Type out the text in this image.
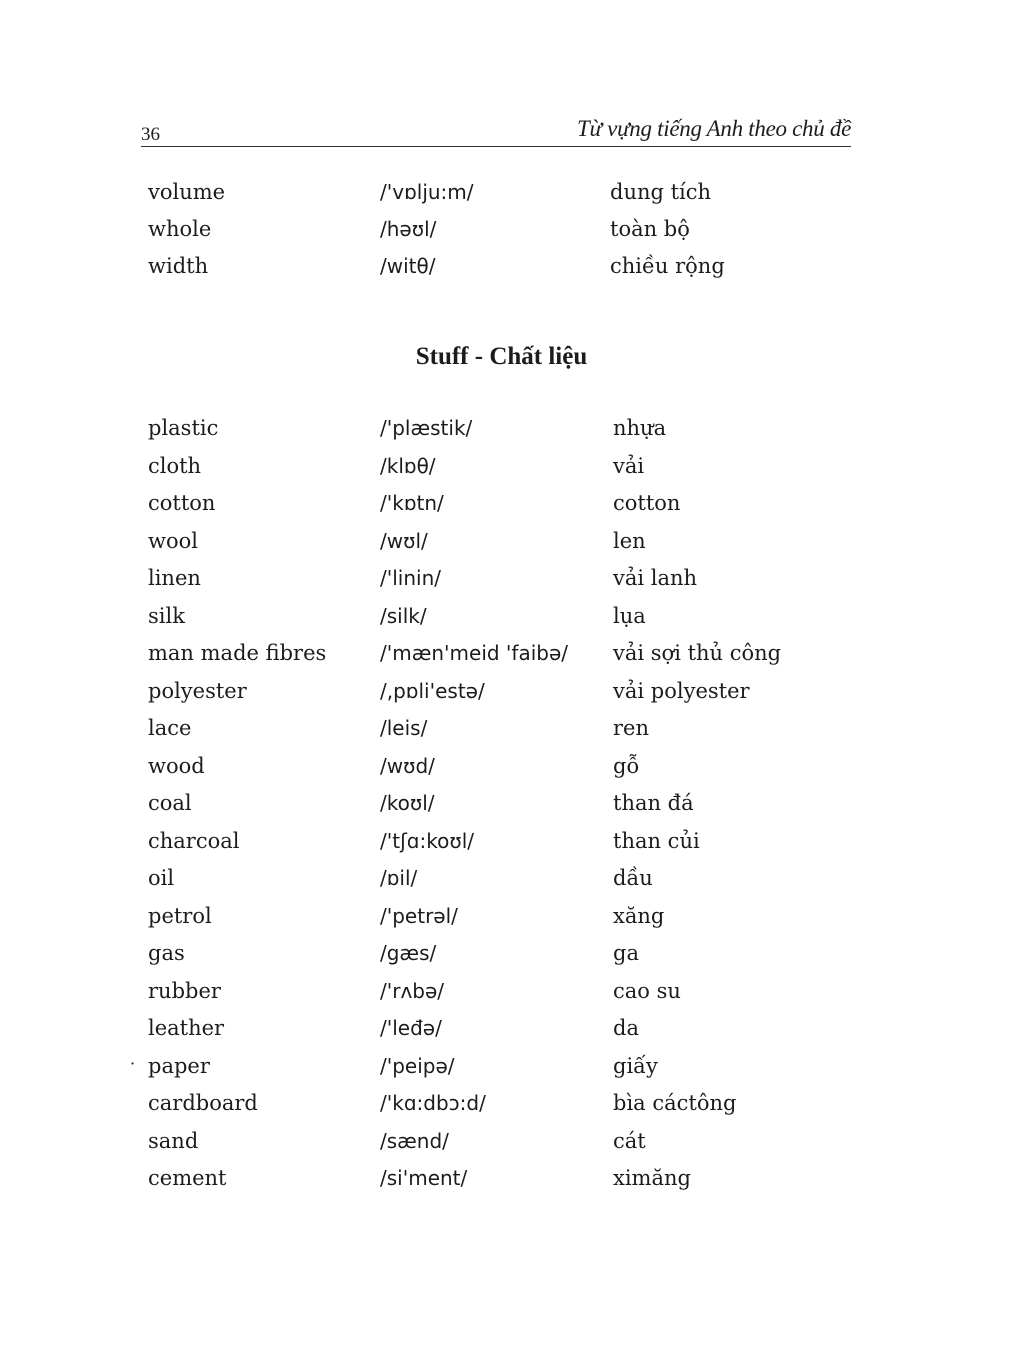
36	Từ vựng tiếng Anh theo chủ đề
volume	/'vɒlju:m/	dung tích
whole	/həʊl/	toàn bộ
width	/witθ/	chiều rộng
Stuff - Chất liệu
plastic	/'plæstik/	nhựa
cloth	/klɒθ/	vải
cotton	/'kɒtn/	cotton
wool	/wʊl/	len
linen	/'linin/	vải lanh
silk	/silk/	lụa
man made fibres	/'mæn'meid 'faibə/ vải sợi thủ công
polyester	/,pɒli'estə/	vải polyester
lace	/leis/	ren
wood	/wʊd/	gỗ
coal	/koʊl/	than đá
charcoal	/'tʃɑ:koʊl/	than củi
oil	/ɒil/	dầu
petrol	/'petrəl/	xăng
gas	/gæs/	ga
rubber	/'rʌbə/	cao su
leather	/'leđə/	da
· paper	/'peipə/	giấy
cardboard	/'kɑ:dbɔ:d/	bìa cáctông
sand	/sænd/	cát
cement	/si'ment/	ximăng
